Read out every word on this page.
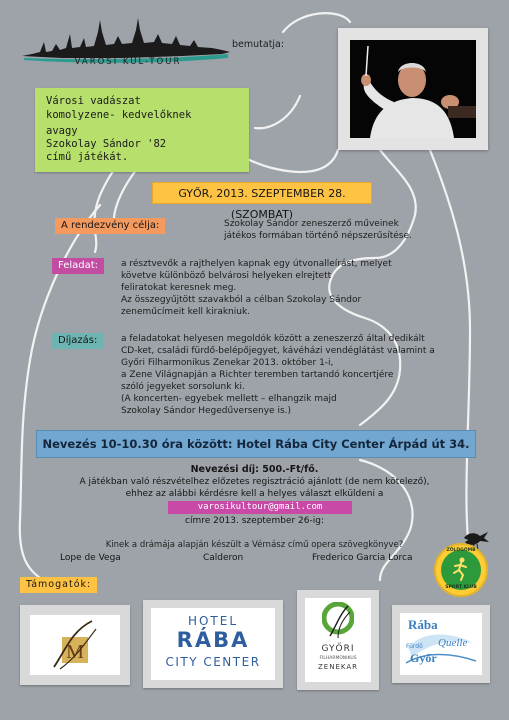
VÁROSI KUL-TOUR
bemutatja:
Városi vadászat
komolyzene- kedvelőknek
avagy
Szokolay Sándor '82
című játékát.
GYŐR, 2013. SZEPTEMBER 28. (SZOMBAT)
A rendezvény célja:	Szokolay Sándor zeneszerző műveinek
játékos formában történő népszerűsítése.
Feladat:	a résztvevők a rajthelyen kapnak egy útvonalleírást, melyet
követve különböző belvárosi helyeken elrejtett
feliratokat keresnek meg.
Az összegyűjtött szavakból a célban Szokolay Sándor
zeneműcímeit kell kirakniuk.
Díjazás:	a feladatokat helyesen megoldók között a zeneszerző által dedikált
CD-ket, családi fürdő-belépőjegyet, kávéházi vendéglátást valamint a
Győri Filharmonikus Zenekar 2013. október 1-i,
a Zene Világnapján a Richter teremben tartandó koncertjére
szóló jegyeket sorsolunk ki.
(A koncerten- egyebek mellett – elhangzik majd
Szokolay Sándor Hegedűversenye is.)
Nevezés 10-10.30 óra között: Hotel Rába City Center Árpád út 34.
Nevezési díj: 500.-Ft/fő.
A játékban való részvételhez előzetes regisztráció ajánlott (de nem kötelező),
ehhez az alábbi kérdésre kell a helyes választ elküldeni a
varosikultour@gmail.com
címre 2013. szeptember 26-ig:
Kinek a drámája alapján készült a Vérnász című opera szövegkönyve?
Lope de Vega	Calderon	Frederico Garcia Lorca
ZÖLDGÖMB
SPORT KLUB
Támogatók:
M
HOTEL
RÁBA
CITY CENTER
GYŐRI
FILHARMONIKUS
ZENEKAR
Rába
Quelle
Fürdő
Győr
